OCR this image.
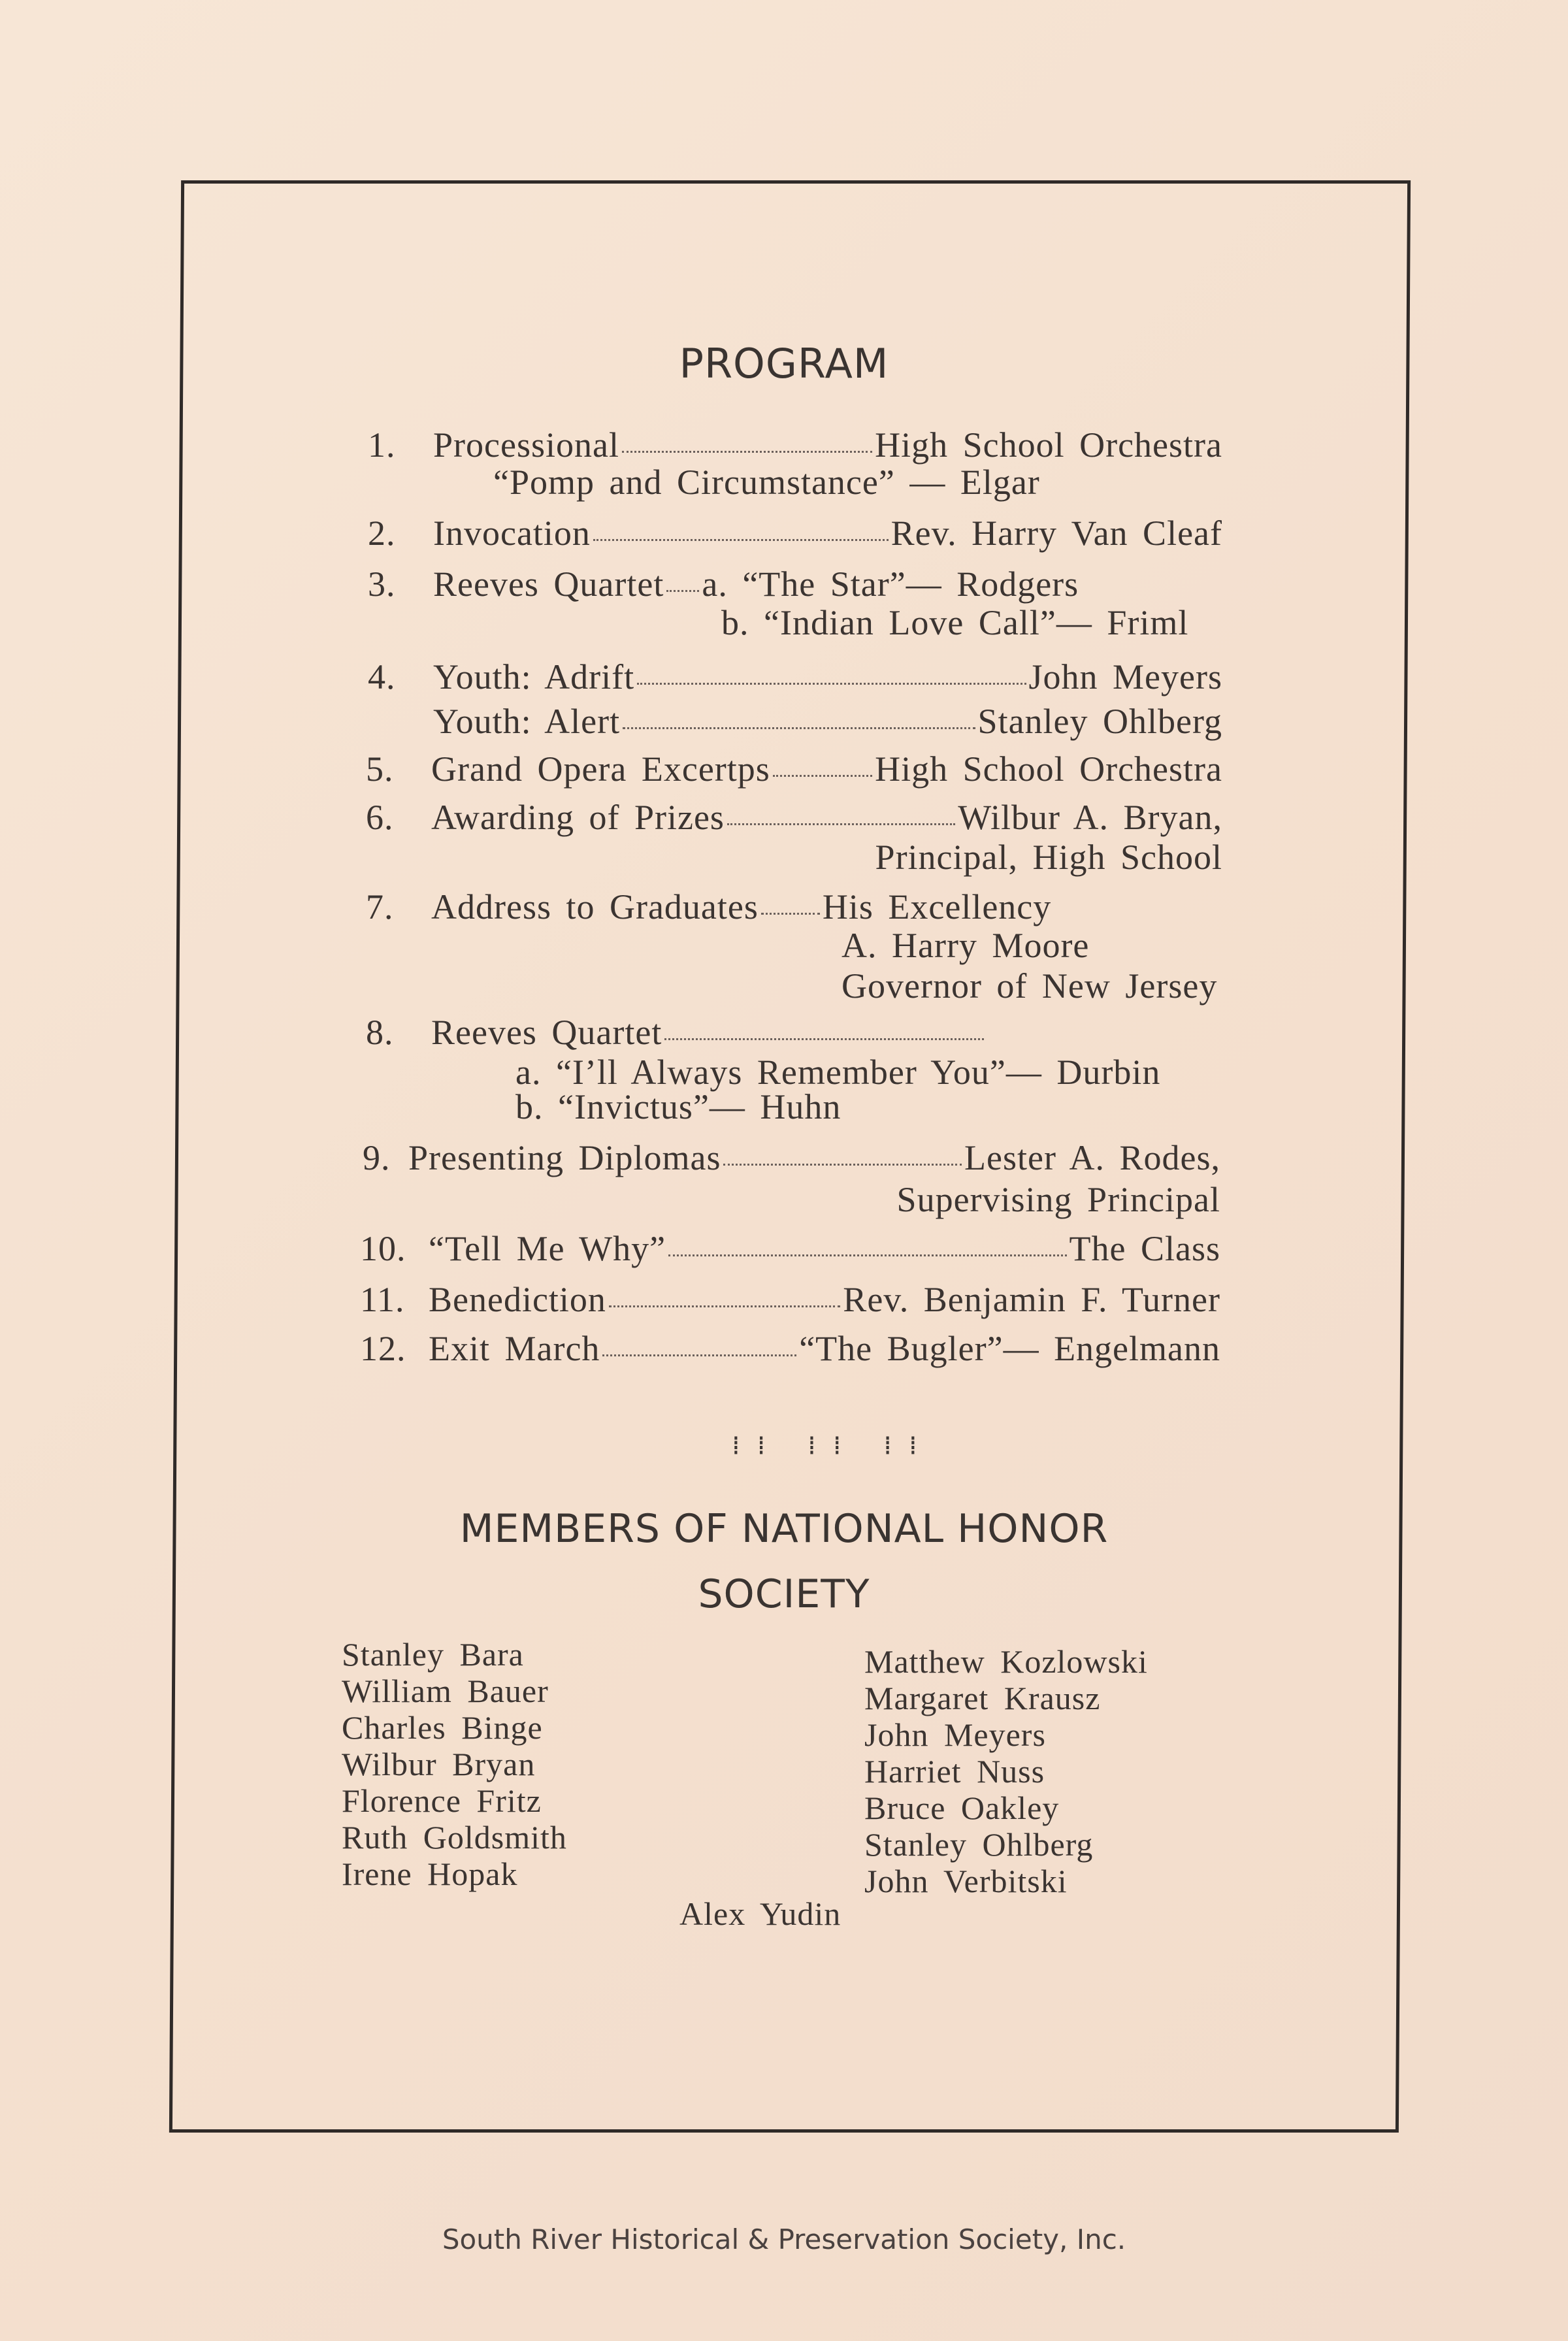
PROGRAM
1.	Processional	High School Orchestra
“Pomp and Circumstance” — Elgar
2.	Invocation	Rev. Harry Van Cleaf
3.	Reeves Quartet a. “The Star”— Rodgers
b. “Indian Love Call”— Friml
4.	Youth: Adrift	John Meyers
Youth: Alert	Stanley Ohlberg
5.	Grand Opera Excertps	High School Orchestra
6.	Awarding of Prizes	Wilbur A. Bryan,
Principal, High School
7.	Address to Graduates His Excellency
A. Harry Moore
Governor of New Jersey
8.	Reeves Quartet
a. “I’ll Always Remember You”— Durbin
b. “Invictus”— Huhn
9. Presenting Diplomas	Lester A. Rodes,
Supervising Principal
10. “Tell Me Why”	The Class
11. Benediction	Rev. Benjamin F. Turner
12. Exit March	“The Bugler”— Engelmann
⁞⁞ ⁞⁞ ⁞⁞
MEMBERS OF NATIONAL HONOR
SOCIETY
Stanley Bara
William Bauer
Charles Binge
Wilbur Bryan
Florence Fritz
Ruth Goldsmith
Irene Hopak
Matthew Kozlowski
Margaret Krausz
John Meyers
Harriet Nuss
Bruce Oakley
Stanley Ohlberg
John Verbitski
Alex Yudin
South River Historical & Preservation Society, Inc.
